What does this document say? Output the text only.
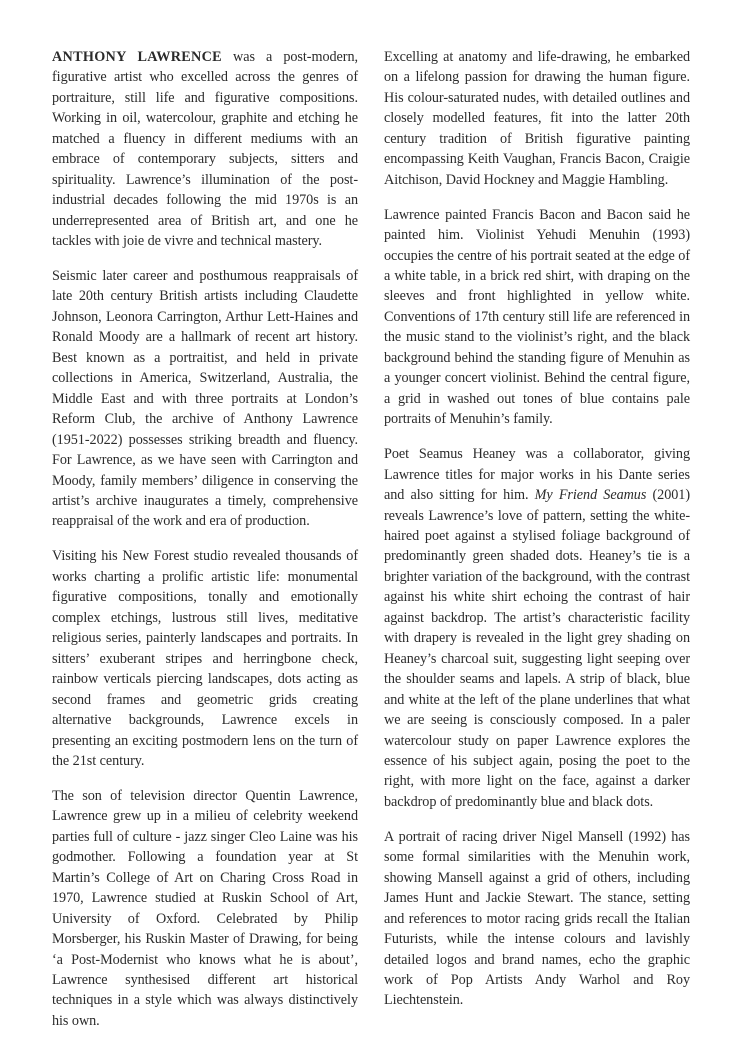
ANTHONY LAWRENCE was a post-modern, figurative artist who excelled across the genres of portraiture, still life and figurative compositions. Working in oil, watercolour, graphite and etching he matched a fluency in different mediums with an embrace of contemporary subjects, sitters and spirituality. Lawrence’s illumination of the post-industrial decades following the mid 1970s is an underrepresented area of British art, and one he tackles with joie de vivre and technical mastery.

Seismic later career and posthumous reappraisals of late 20th century British artists including Claudette Johnson, Leonora Carrington, Arthur Lett-Haines and Ronald Moody are a hallmark of recent art history. Best known as a portraitist, and held in private collections in America, Switzerland, Australia, the Middle East and with three portraits at London’s Reform Club, the archive of Anthony Lawrence (1951-2022) possesses striking breadth and fluency. For Lawrence, as we have seen with Carrington and Moody, family members’ diligence in conserving the artist’s archive inaugurates a timely, comprehensive reappraisal of the work and era of production.

Visiting his New Forest studio revealed thousands of works charting a prolific artistic life: monumental figurative compositions, tonally and emotionally complex etchings, lustrous still lives, meditative religious series, painterly landscapes and portraits. In sitters’ exuberant stripes and herringbone check, rainbow verticals piercing landscapes, dots acting as second frames and geometric grids creating alternative backgrounds, Lawrence excels in presenting an exciting postmodern lens on the turn of the 21st century.

The son of television director Quentin Lawrence, Lawrence grew up in a milieu of celebrity weekend parties full of culture - jazz singer Cleo Laine was his godmother. Following a foundation year at St Martin’s College of Art on Charing Cross Road in 1970, Lawrence studied at Ruskin School of Art, University of Oxford. Celebrated by Philip Morsberger, his Ruskin Master of Drawing, for being ‘a Post-Modernist who knows what he is about’, Lawrence synthesised different art historical techniques in a style which was always distinctively his own.

Excelling at anatomy and life-drawing, he embarked on a lifelong passion for drawing the human figure. His colour-saturated nudes, with detailed outlines and closely modelled features, fit into the latter 20th century tradition of British figurative painting encompassing Keith Vaughan, Francis Bacon, Craigie Aitchison, David Hockney and Maggie Hambling.

Lawrence painted Francis Bacon and Bacon said he painted him. Violinist Yehudi Menuhin (1993) occupies the centre of his portrait seated at the edge of a white table, in a brick red shirt, with draping on the sleeves and front highlighted in yellow white. Conventions of 17th century still life are referenced in the music stand to the violinist’s right, and the black background behind the standing figure of Menuhin as a younger concert violinist. Behind the central figure, a grid in washed out tones of blue contains pale portraits of Menuhin’s family.

Poet Seamus Heaney was a collaborator, giving Lawrence titles for major works in his Dante series and also sitting for him. My Friend Seamus (2001) reveals Lawrence’s love of pattern, setting the white-haired poet against a stylised foliage background of predominantly green shaded dots. Heaney’s tie is a brighter variation of the background, with the contrast against his white shirt echoing the contrast of hair against backdrop. The artist’s characteristic facility with drapery is revealed in the light grey shading on Heaney’s charcoal suit, suggesting light seeping over the shoulder seams and lapels. A strip of black, blue and white at the left of the plane underlines that what we are seeing is consciously composed. In a paler watercolour study on paper Lawrence explores the essence of his subject again, posing the poet to the right, with more light on the face, against a darker backdrop of predominantly blue and black dots.

A portrait of racing driver Nigel Mansell (1992) has some formal similarities with the Menuhin work, showing Mansell against a grid of others, including James Hunt and Jackie Stewart. The stance, setting and references to motor racing grids recall the Italian Futurists, while the intense colours and lavishly detailed logos and brand names, echo the graphic work of Pop Artists Andy Warhol and Roy Liechtenstein.
